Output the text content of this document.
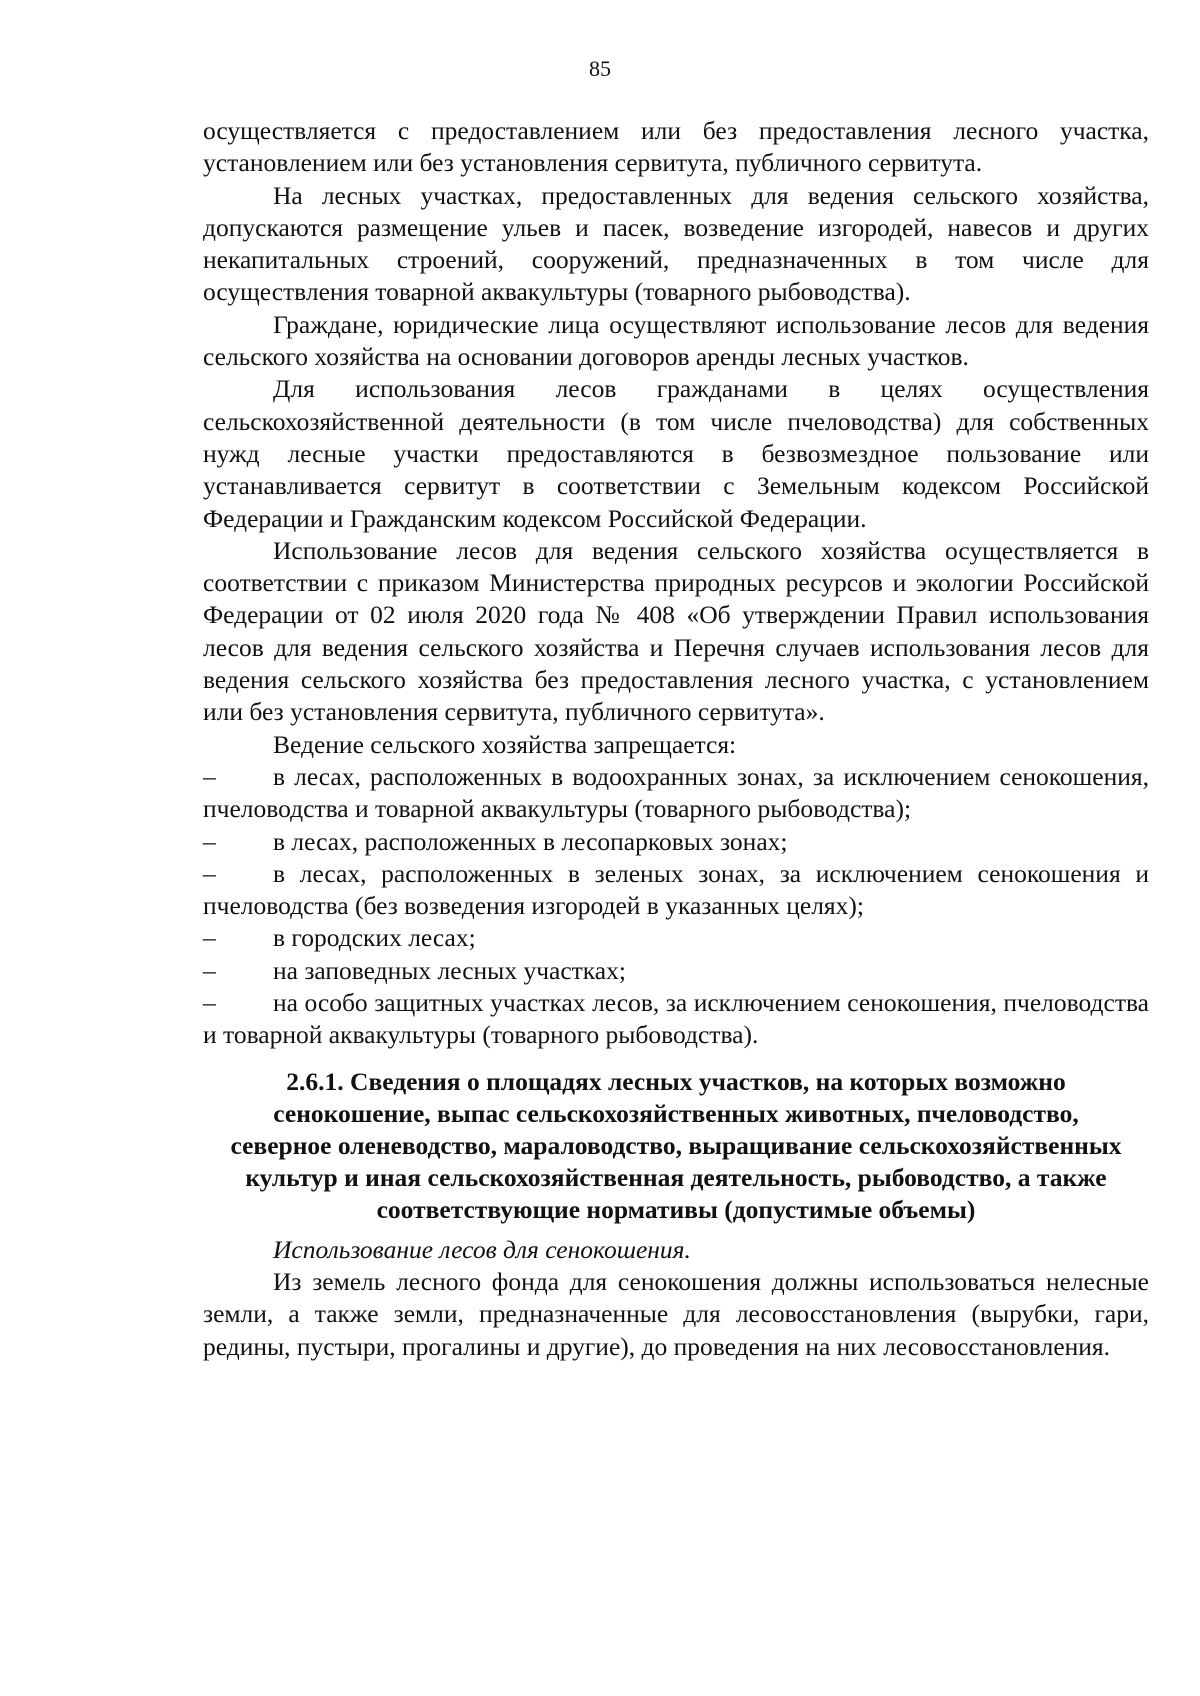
85

осуществляется с предоставлением или без предоставления лесного участка, установлением или без установления сервитута, публичного сервитута.

На лесных участках, предоставленных для ведения сельского хозяйства, допускаются размещение ульев и пасек, возведение изгородей, навесов и других некапитальных строений, сооружений, предназначенных в том числе для осуществления товарной аквакультуры (товарного рыбоводства).

Граждане, юридические лица осуществляют использование лесов для ведения сельского хозяйства на основании договоров аренды лесных участков.

Для использования лесов гражданами в целях осуществления сельскохозяйственной деятельности (в том числе пчеловодства) для собственных нужд лесные участки предоставляются в безвозмездное пользование или устанавливается сервитут в соответствии с Земельным кодексом Российской Федерации и Гражданским кодексом Российской Федерации.

Использование лесов для ведения сельского хозяйства осуществляется в соответствии с приказом Министерства природных ресурсов и экологии Российской Федерации от 02 июля 2020 года № 408 «Об утверждении Правил использования лесов для ведения сельского хозяйства и Перечня случаев использования лесов для ведения сельского хозяйства без предоставления лесного участка, с установлением или без установления сервитута, публичного сервитута».

Ведение сельского хозяйства запрещается:

– в лесах, расположенных в водоохранных зонах, за исключением сенокошения, пчеловодства и товарной аквакультуры (товарного рыбоводства);

– в лесах, расположенных в лесопарковых зонах;

– в лесах, расположенных в зеленых зонах, за исключением сенокошения и пчеловодства (без возведения изгородей в указанных целях);

– в городских лесах;

– на заповедных лесных участках;

– на особо защитных участках лесов, за исключением сенокошения, пчеловодства и товарной аквакультуры (товарного рыбоводства).

2.6.1. Сведения о площадях лесных участков, на которых возможно сенокошение, выпас сельскохозяйственных животных, пчеловодство, северное оленеводство, мараловодство, выращивание сельскохозяйственных культур и иная сельскохозяйственная деятельность, рыбоводство, а также соответствующие нормативы (допустимые объемы)

Использование лесов для сенокошения.

Из земель лесного фонда для сенокошения должны использоваться нелесные земли, а также земли, предназначенные для лесовосстановления (вырубки, гари, редины, пустыри, прогалины и другие), до проведения на них лесовосстановления.
